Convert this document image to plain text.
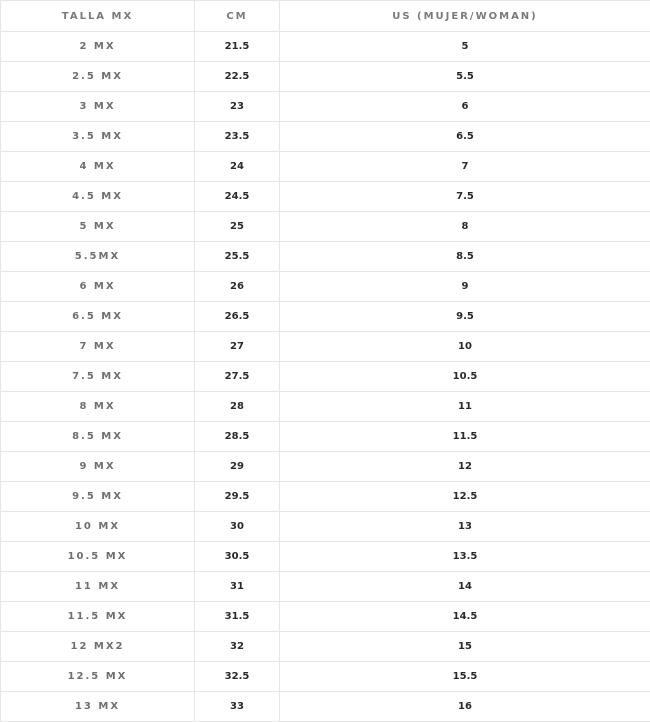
TALLA MX	CM	US (MUJER/WOMAN)
2 MX	21.5	5
2.5 MX	22.5	5.5
3 MX	23	6
3.5 MX	23.5	6.5
4 MX	24	7
4.5 MX	24.5	7.5
5 MX	25	8
5.5MX	25.5	8.5
6 MX	26	9
6.5 MX	26.5	9.5
7 MX	27	10
7.5 MX	27.5	10.5
8 MX	28	11
8.5 MX	28.5	11.5
9 MX	29	12
9.5 MX	29.5	12.5
10 MX	30	13
10.5 MX	30.5	13.5
11 MX	31	14
11.5 MX	31.5	14.5
12 MX2	32	15
12.5 MX	32.5	15.5
13 MX	33	16
